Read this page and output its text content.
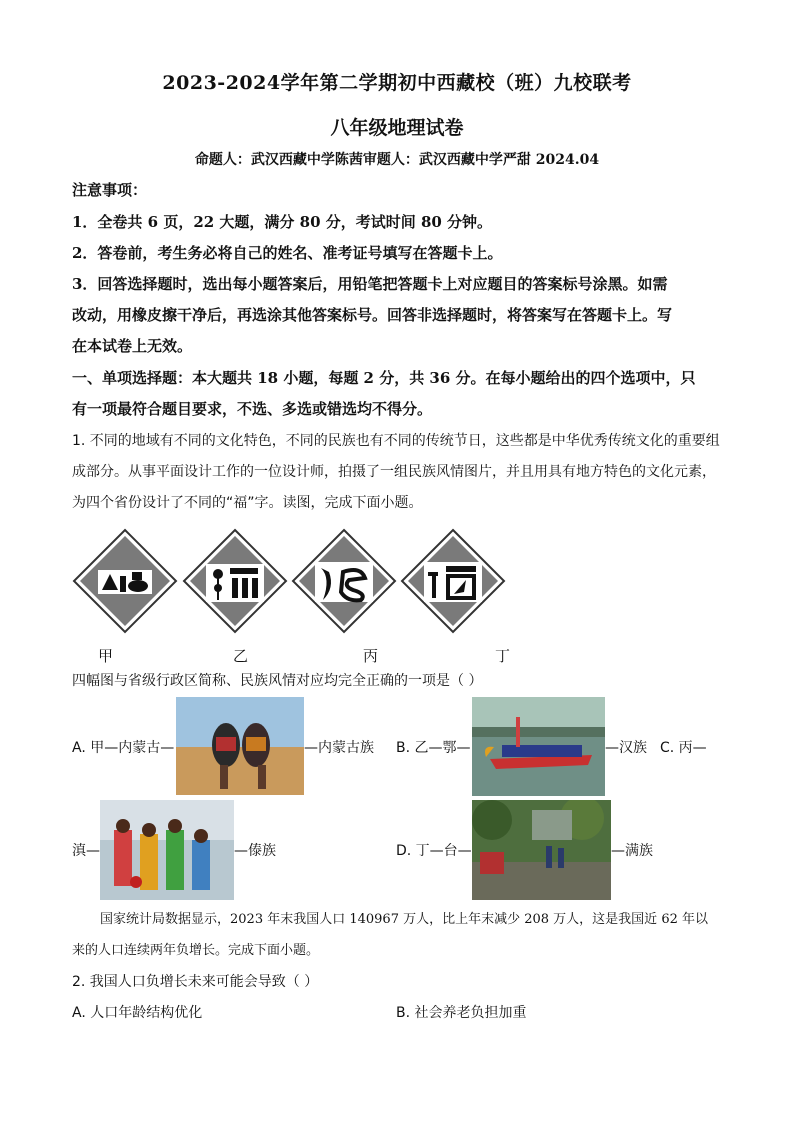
2023-2024学年第二学期初中西藏校（班）九校联考
八年级地理试卷
命题人：武汉西藏中学陈茜审题人：武汉西藏中学严甜 2024.04
注意事项：
1．全卷共 6 页，22 大题，满分 80 分，考试时间 80 分钟。
2．答卷前，考生务必将自己的姓名、准考证号填写在答题卡上。
3．回答选择题时，选出每小题答案后，用铅笔把答题卡上对应题目的答案标号涂黑。如需
改动，用橡皮擦干净后，再选涂其他答案标号。回答非选择题时，将答案写在答题卡上。写
在本试卷上无效。
一、单项选择题：本大题共 18 小题，每题 2 分，共 36 分。在每小题给出的四个选项中，只
有一项最符合题目要求，不选、多选或错选均不得分。
1. 不同的地域有不同的文化特色，不同的民族也有不同的传统节日，这些都是中华优秀传统文化的重要组
成部分。从事平面设计工作的一位设计师，拍摄了一组民族风情图片，并且用具有地方特色的文化元素，
为四个省份设计了不同的“福”字。读图，完成下面小题。
甲	乙	丙	丁
四幅图与省级行政区简称、民族风情对应均完全正确的一项是（ ）
A. 甲—内蒙古—	—内蒙古族 B. 乙—鄂—	—汉族 C. 丙—
滇—	—傣族	D. 丁—台—	—满族
国家统计局数据显示，2023 年末我国人口 140967 万人，比上年末减少 208 万人，这是我国近 62 年以
来的人口连续两年负增长。完成下面小题。
2. 我国人口负增长未来可能会导致（ ）
A. 人口年龄结构优化	B. 社会养老负担加重
